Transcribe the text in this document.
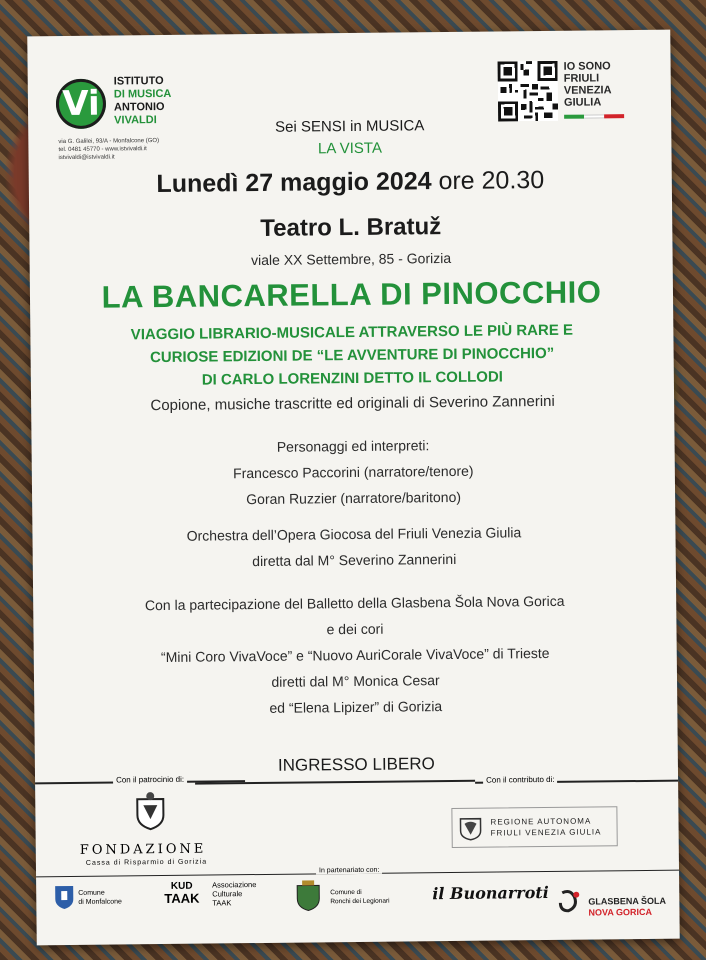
Vi
ISTITUTO
DI MUSICA
ANTONIO
VIVALDI
via G. Galilei, 93/A - Monfalcone (GO)
tel. 0481 45770 - www.istvivaldi.it
istvivaldi@istvivaldi.it
IO SONO
FRIULI
VENEZIA
GIULIA
Sei SENSI in MUSICA
LA VISTA
Lunedì 27 maggio 2024 ore 20.30
Teatro L. Bratuž
viale XX Settembre, 85 - Gorizia
LA BANCARELLA DI PINOCCHIO
VIAGGIO LIBRARIO-MUSICALE ATTRAVERSO LE PIÙ RARE E
CURIOSE EDIZIONI DE “LE AVVENTURE DI PINOCCHIO”
DI CARLO LORENZINI DETTO IL COLLODI
Copione, musiche trascritte ed originali di Severino Zannerini
Personaggi ed interpreti:
Francesco Paccorini (narratore/tenore)
Goran Ruzzier (narratore/baritono)
Orchestra dell’Opera Giocosa del Friuli Venezia Giulia
diretta dal M° Severino Zannerini
Con la partecipazione del Balletto della Glasbena Šola Nova Gorica
e dei cori
“Mini Coro VivaVoce” e “Nuovo AuriCorale VivaVoce” di Trieste
diretti dal M° Monica Cesar
ed “Elena Lipizer” di Gorizia
INGRESSO LIBERO
Con il patrocinio di:	Con il contributo di:
FONDAZIONE
Cassa di Risparmio di Gorizia
REGIONE AUTONOMA
FRIULI VENEZIA GIULIA
In partenariato con:
Comune
di Monfalcone
KUD
TAAK
Associazione
Culturale
TAAK
Comune di
Ronchi dei Legionari	il Buonarroti	GLASBENA ŠOLA
NOVA GORICA
